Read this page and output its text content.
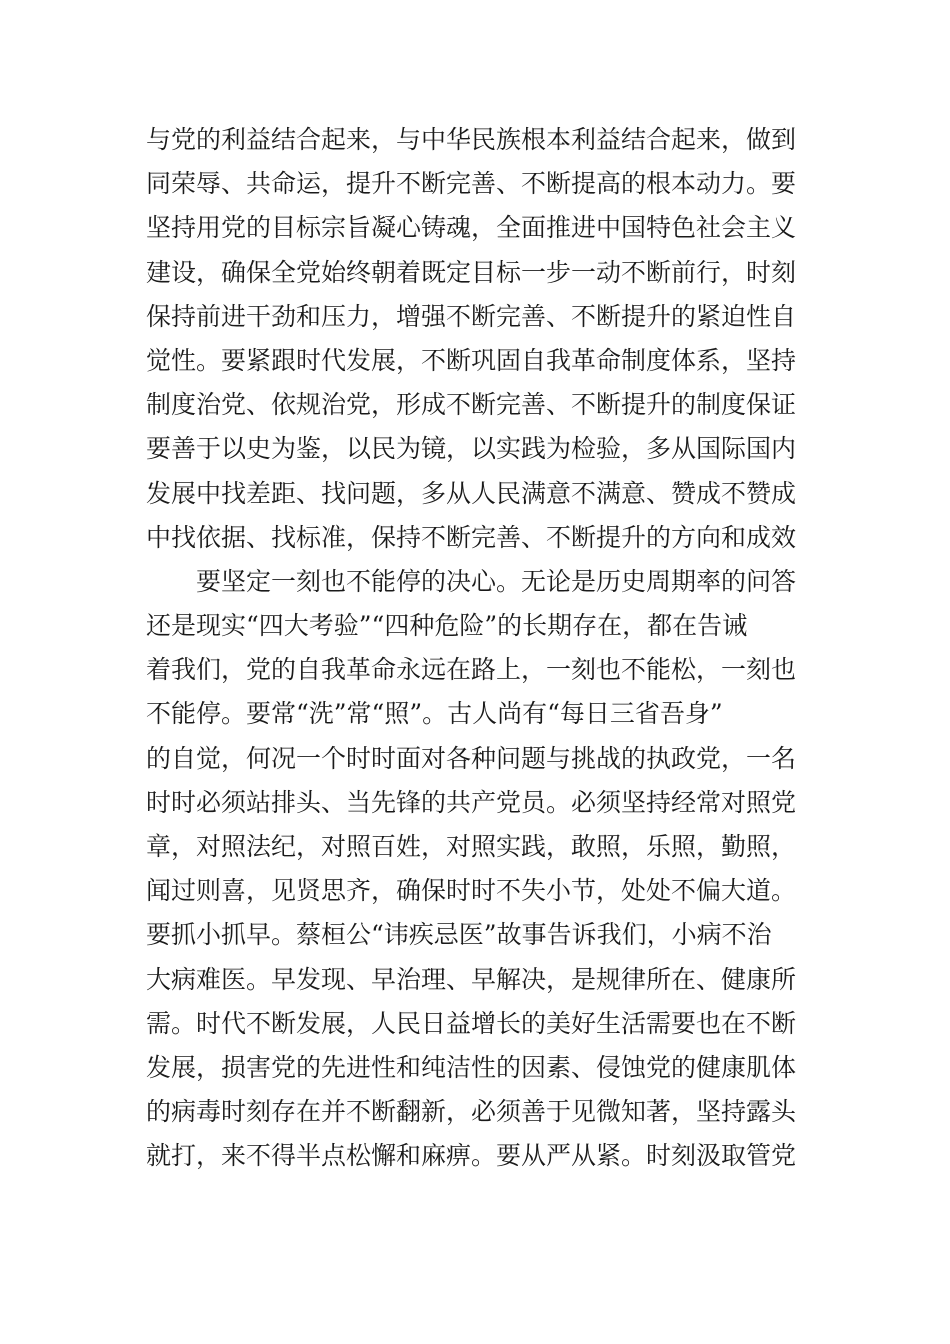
与党的利益结合起来，与中华民族根本利益结合起来，做到
同荣辱、共命运，提升不断完善、不断提高的根本动力。要
坚持用党的目标宗旨凝心铸魂，全面推进中国特色社会主义
建设，确保全党始终朝着既定目标一步一动不断前行，时刻
保持前进干劲和压力，增强不断完善、不断提升的紧迫性自
觉性。要紧跟时代发展，不断巩固自我革命制度体系，坚持
制度治党、依规治党，形成不断完善、不断提升的制度保证
要善于以史为鉴，以民为镜，以实践为检验，多从国际国内
发展中找差距、找问题，多从人民满意不满意、赞成不赞成
中找依据、找标准，保持不断完善、不断提升的方向和成效
要坚定一刻也不能停的决心。无论是历史周期率的问答
还是现实“四大考验”“四种危险”的长期存在，都在告诫
着我们，党的自我革命永远在路上，一刻也不能松，一刻也
不能停。要常“洗”常“照”。古人尚有“每日三省吾身”
的自觉，何况一个时时面对各种问题与挑战的执政党，一名
时时必须站排头、当先锋的共产党员。必须坚持经常对照党
章，对照法纪，对照百姓，对照实践，敢照，乐照，勤照，
闻过则喜，见贤思齐，确保时时不失小节，处处不偏大道。
要抓小抓早。蔡桓公“讳疾忌医”故事告诉我们，小病不治
大病难医。早发现、早治理、早解决，是规律所在、健康所
需。时代不断发展，人民日益增长的美好生活需要也在不断
发展，损害党的先进性和纯洁性的因素、侵蚀党的健康肌体
的病毒时刻存在并不断翻新，必须善于见微知著，坚持露头
就打，来不得半点松懈和麻痹。要从严从紧。时刻汲取管党
